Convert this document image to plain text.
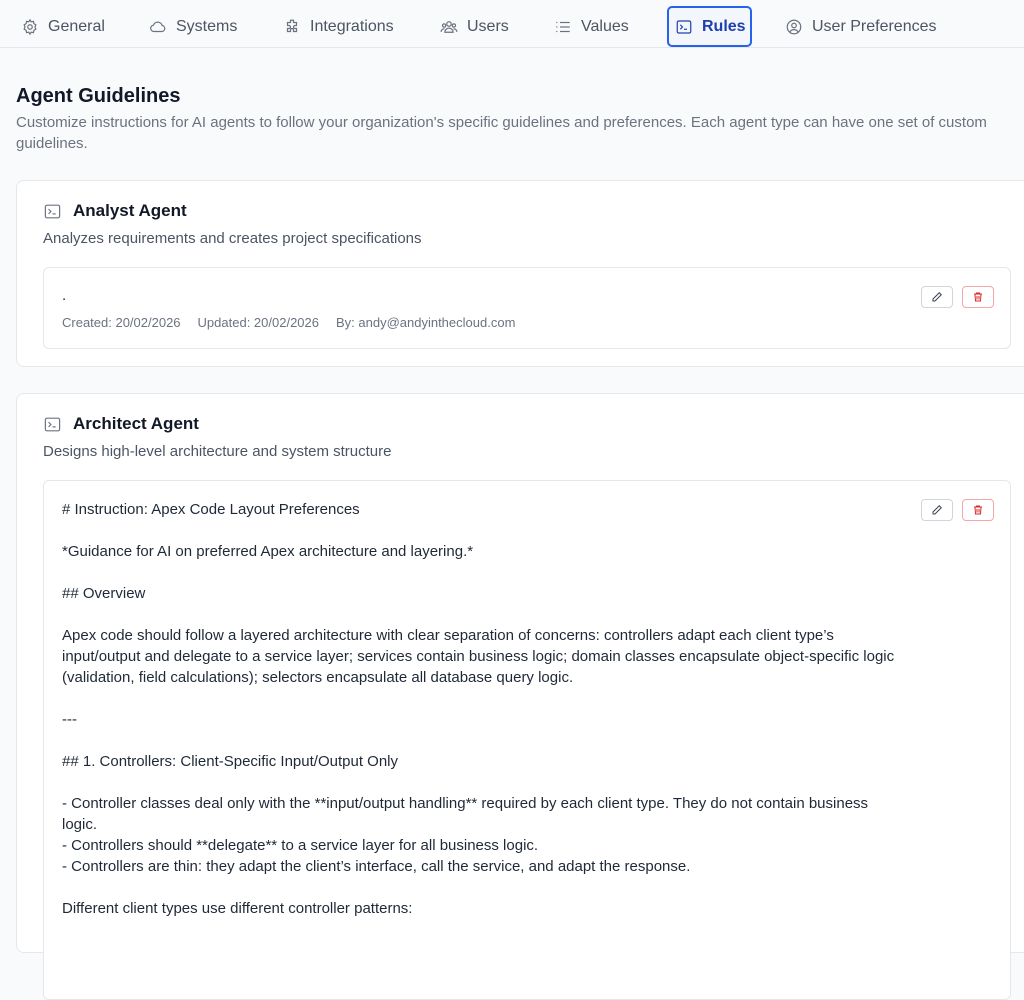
General	Systems	Integrations	Users	Values	Rules	User Preferences
Agent Guidelines

Customize instructions for AI agents to follow your organization's specific guidelines and preferences. Each agent type can have one set of custom guidelines.

Analyst Agent
Analyzes requirements and creates project specifications
.
Created: 20/02/2026 Updated: 20/02/2026 By: andy@andyinthecloud.com
Architect Agent
Designs high-level architecture and system structure
# Instruction: Apex Code Layout Preferences

*Guidance for AI on preferred Apex architecture and layering.*

## Overview

Apex code should follow a layered architecture with clear separation of concerns: controllers adapt each client type’s input/output and delegate to a service layer; services contain business logic; domain classes encapsulate object-specific logic (validation, field calculations); selectors encapsulate all database query logic.

---

## 1. Controllers: Client-Specific Input/Output Only

- Controller classes deal only with the **input/output handling** required by each client type. They do not contain business logic.
- Controllers should **delegate** to a service layer for all business logic.
- Controllers are thin: they adapt the client’s interface, call the service, and adapt the response.

Different client types use different controller patterns:
